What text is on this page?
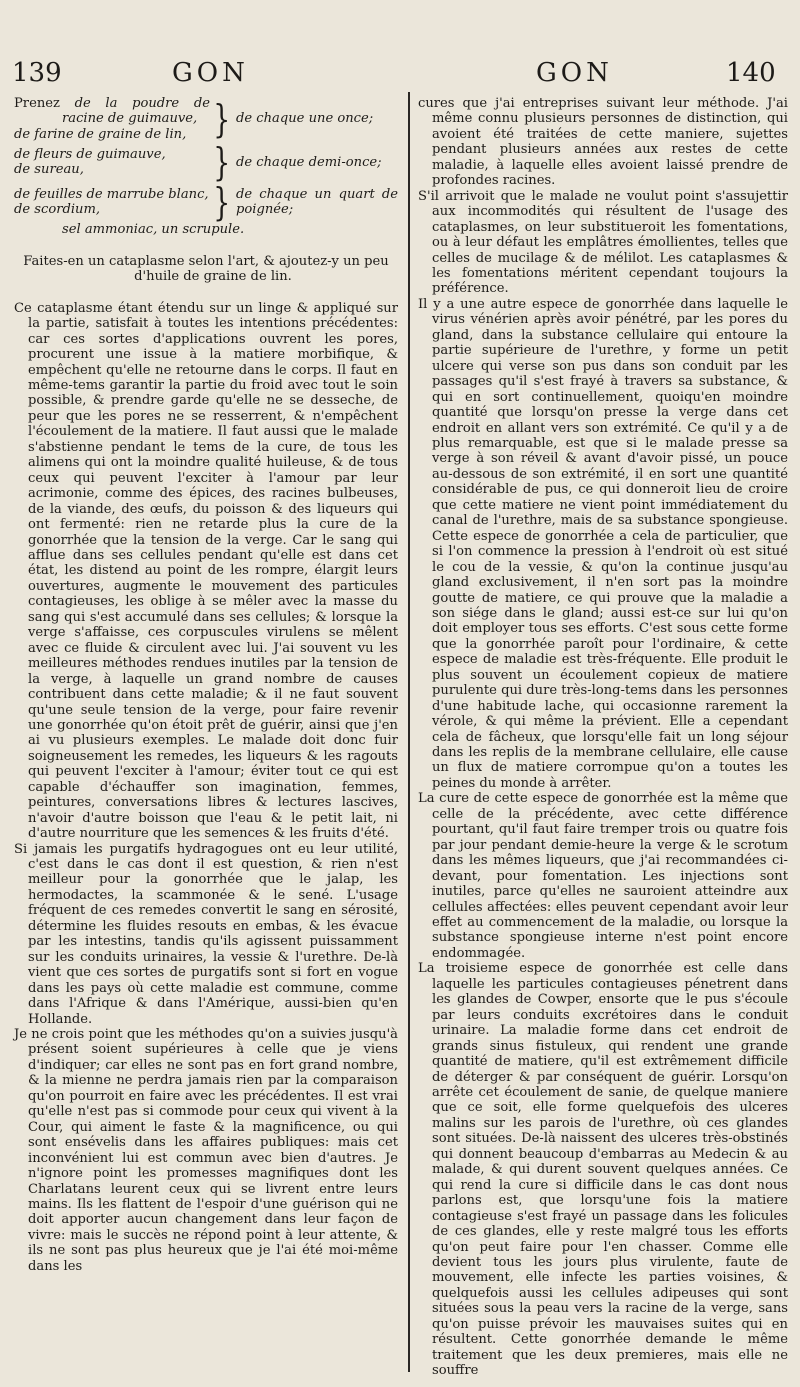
139	GON	GON	140
Prenez de la poudre de racine de guimauve,
de farine de graine de lin, } de chaque une once;
de fleurs de guimauve,
de sureau,	} de chaque demi-once;
de feuilles de marrube blanc,
de scordium,	} de chaque un quart de poignée;
sel ammoniac, un scrupule.

Faites-en un cataplasme selon l'art, & ajoutez-y un peu d'huile de graine de lin.

Ce cataplasme étant étendu sur un linge & appliqué sur la partie, satisfait à toutes les intentions précédentes: car ces sortes d'applications ouvrent les pores, procurent une issue à la matiere morbifique, & empêchent qu'elle ne retourne dans le corps. Il faut en même-tems garantir la partie du froid avec tout le soin possible, & prendre garde qu'elle ne se desseche, de peur que les pores ne se resserrent, & n'empêchent l'écoulement de la matiere. Il faut aussi que le malade s'abstienne pendant le tems de la cure, de tous les alimens qui ont la moindre qualité huileuse, & de tous ceux qui peuvent l'exciter à l'amour par leur acrimonie, comme des épices, des racines bulbeuses, de la viande, des œufs, du poisson & des liqueurs qui ont fermenté: rien ne retarde plus la cure de la gonorrhée que la tension de la verge. Car le sang qui afflue dans ses cellules pendant qu'elle est dans cet état, les distend au point de les rompre, élargit leurs ouvertures, augmente le mouvement des particules contagieuses, les oblige à se mêler avec la masse du sang qui s'est accumulé dans ses cellules; & lorsque la verge s'affaisse, ces corpuscules virulens se mêlent avec ce fluide & circulent avec lui. J'ai souvent vu les meilleures méthodes rendues inutiles par la tension de la verge, à laquelle un grand nombre de causes contribuent dans cette maladie; & il ne faut souvent qu'une seule tension de la verge, pour faire revenir une gonorrhée qu'on étoit prêt de guérir, ainsi que j'en ai vu plusieurs exemples. Le malade doit donc fuir soigneusement les remedes, les liqueurs & les ragouts qui peuvent l'exciter à l'amour; éviter tout ce qui est capable d'échauffer son imagination, femmes, peintures, conversations libres & lectures lascives, n'avoir d'autre boisson que l'eau & le petit lait, ni d'autre nourriture que les semences & les fruits d'été.

Si jamais les purgatifs hydragogues ont eu leur utilité, c'est dans le cas dont il est question, & rien n'est meilleur pour la gonorrhée que le jalap, les hermodactes, la scammonée & le sené. L'usage fréquent de ces remedes convertit le sang en sérosité, détermine les fluides resouts en embas, & les évacue par les intestins, tandis qu'ils agissent puissamment sur les conduits urinaires, la vessie & l'urethre. De-là vient que ces sortes de purgatifs sont si fort en vogue dans les pays où cette maladie est commune, comme dans l'Afrique & dans l'Amérique, aussi-bien qu'en Hollande.

Je ne crois point que les méthodes qu'on a suivies jusqu'à présent soient supérieures à celle que je viens d'indiquer; car elles ne sont pas en fort grand nombre, & la mienne ne perdra jamais rien par la comparaison qu'on pourroit en faire avec les précédentes. Il est vrai qu'elle n'est pas si commode pour ceux qui vivent à la Cour, qui aiment le faste & la magnificence, ou qui sont ensévelis dans les affaires publiques: mais cet inconvénient lui est commun avec bien d'autres. Je n'ignore point les promesses magnifiques dont les Charlatans leurent ceux qui se livrent entre leurs mains. Ils les flattent de l'espoir d'une guérison qui ne doit apporter aucun changement dans leur façon de vivre: mais le succès ne répond point à leur attente, & ils ne sont pas plus heureux que je l'ai été moi-même dans les

cures que j'ai entreprises suivant leur méthode. J'ai même connu plusieurs personnes de distinction, qui avoient été traitées de cette maniere, sujettes pendant plusieurs années aux restes de cette maladie, à laquelle elles avoient laissé prendre de profondes racines.

S'il arrivoit que le malade ne voulut point s'assujettir aux incommodités qui résultent de l'usage des cataplasmes, on leur substitueroit les fomentations, ou à leur défaut les emplâtres émollientes, telles que celles de mucilage & de mélilot. Les cataplasmes & les fomentations méritent cependant toujours la préférence.

Il y a une autre espece de gonorrhée dans laquelle le virus vénérien après avoir pénétré, par les pores du gland, dans la substance cellulaire qui entoure la partie supérieure de l'urethre, y forme un petit ulcere qui verse son pus dans son conduit par les passages qu'il s'est frayé à travers sa substance, & qui en sort continuellement, quoiqu'en moindre quantité que lorsqu'on presse la verge dans cet endroit en allant vers son extrémité. Ce qu'il y a de plus remarquable, est que si le malade presse sa verge à son réveil & avant d'avoir pissé, un pouce au-dessous de son extrémité, il en sort une quantité considérable de pus, ce qui donneroit lieu de croire que cette matiere ne vient point immédiatement du canal de l'urethre, mais de sa substance spongieuse. Cette espece de gonorrhée a cela de particulier, que si l'on commence la pression à l'endroit où est situé le cou de la vessie, & qu'on la continue jusqu'au gland exclusivement, il n'en sort pas la moindre goutte de matiere, ce qui prouve que la maladie a son siége dans le gland; aussi est-ce sur lui qu'on doit employer tous ses efforts. C'est sous cette forme que la gonorrhée paroît pour l'ordinaire, & cette espece de maladie est très-fréquente. Elle produit le plus souvent un écoulement copieux de matiere purulente qui dure très-long-tems dans les personnes d'une habitude lache, qui occasionne rarement la vérole, & qui même la prévient. Elle a cependant cela de fâcheux, que lorsqu'elle fait un long séjour dans les replis de la membrane cellulaire, elle cause un flux de matiere corrompue qu'on a toutes les peines du monde à arrêter.

La cure de cette espece de gonorrhée est la même que celle de la précédente, avec cette différence pourtant, qu'il faut faire tremper trois ou quatre fois par jour pendant demie-heure la verge & le scrotum dans les mêmes liqueurs, que j'ai recommandées ci-devant, pour fomentation. Les injections sont inutiles, parce qu'elles ne sauroient atteindre aux cellules affectées: elles peuvent cependant avoir leur effet au commencement de la maladie, ou lorsque la substance spongieuse interne n'est point encore endommagée.

La troisieme espece de gonorrhée est celle dans laquelle les particules contagieuses pénetrent dans les glandes de Cowper, ensorte que le pus s'écoule par leurs conduits excrétoires dans le conduit urinaire. La maladie forme dans cet endroit de grands sinus fistuleux, qui rendent une grande quantité de matiere, qu'il est extrêmement difficile de déterger & par conséquent de guérir. Lorsqu'on arrête cet écoulement de sanie, de quelque maniere que ce soit, elle forme quelquefois des ulceres malins sur les parois de l'urethre, où ces glandes sont situées. De-là naissent des ulceres très-obstinés qui donnent beaucoup d'embarras au Medecin & au malade, & qui durent souvent quelques années. Ce qui rend la cure si difficile dans le cas dont nous parlons est, que lorsqu'une fois la matiere contagieuse s'est frayé un passage dans les folicules de ces glandes, elle y reste malgré tous les efforts qu'on peut faire pour l'en chasser. Comme elle devient tous les jours plus virulente, faute de mouvement, elle infecte les parties voisines, & quelquefois aussi les cellules adipeuses qui sont situées sous la peau vers la racine de la verge, sans qu'on puisse prévoir les mauvaises suites qui en résultent. Cette gonorrhée demande le même traitement que les deux premieres, mais elle ne souffre
